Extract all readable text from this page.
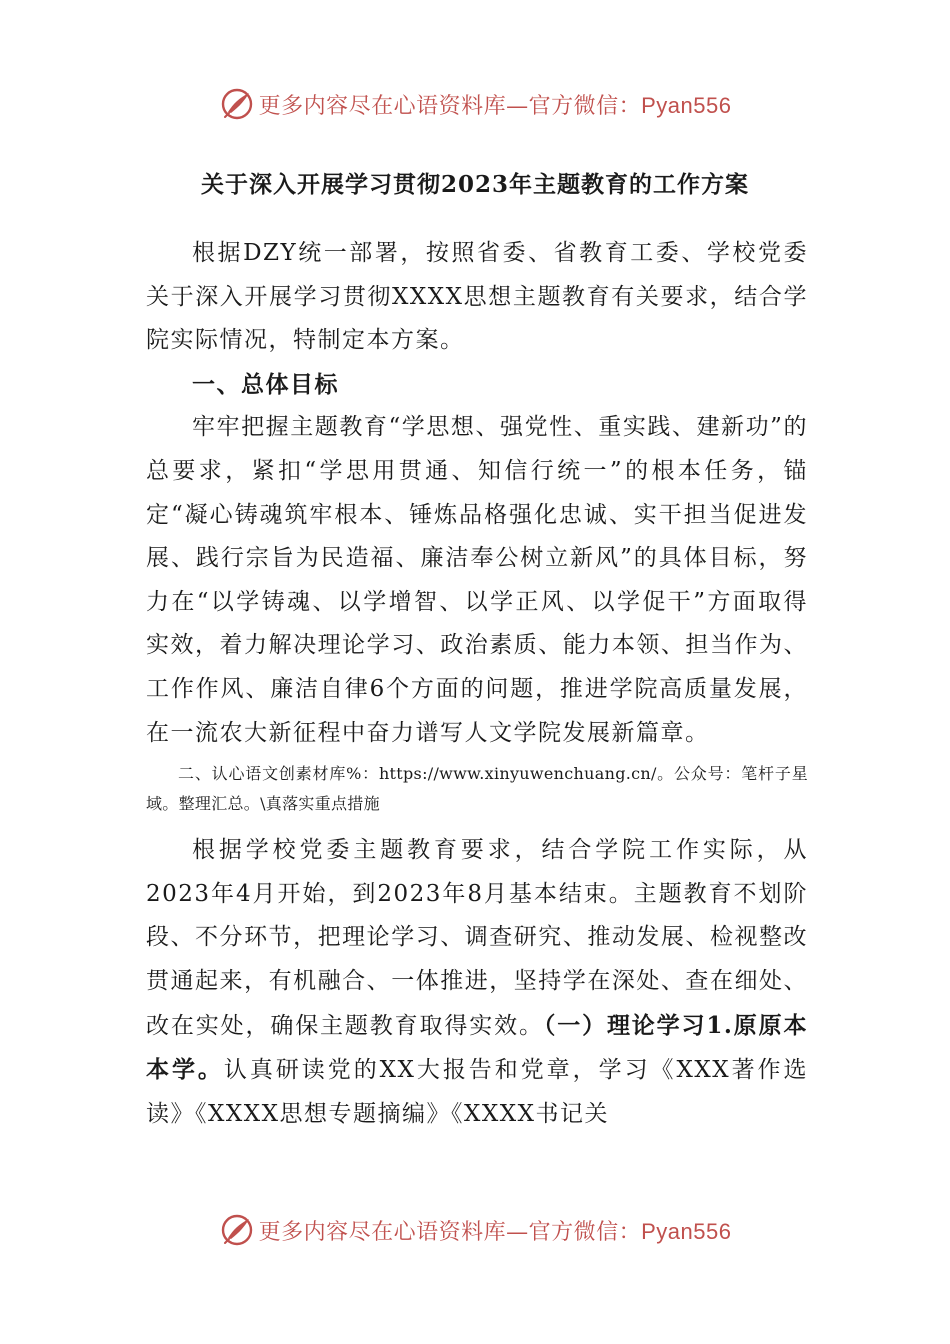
更多内容尽在心语资料库—官方微信：Pyan556
关于深入开展学习贯彻2023年主题教育的工作方案

根据DZY统一部署，按照省委、省教育工委、学校党委关于深入开展学习贯彻XXXX思想主题教育有关要求，结合学院实际情况，特制定本方案。

一、总体目标

牢牢把握主题教育“学思想、强党性、重实践、建新功”的总要求，紧扣“学思用贯通、知信行统一”的根本任务，锚定“凝心铸魂筑牢根本、锤炼品格强化忠诚、实干担当促进发展、践行宗旨为民造福、廉洁奉公树立新风”的具体目标，努力在“以学铸魂、以学增智、以学正风、以学促干”方面取得实效，着力解决理论学习、政治素质、能力本领、担当作为、工作作风、廉洁自律6个方面的问题，推进学院高质量发展，在一流农大新征程中奋力谱写人文学院发展新篇章。

二、认心语文创素材库%：https://www.xinyuwenchuang.cn/。公众号：笔杆子星域。整理汇总。\真落实重点措施

根据学校党委主题教育要求，结合学院工作实际，从2023年4月开始，到2023年8月基本结束。主题教育不划阶段、不分环节，把理论学习、调查研究、推动发展、检视整改贯通起来，有机融合、一体推进，坚持学在深处、查在细处、改在实处，确保主题教育取得实效。（一）理论学习1.原原本本学。认真研读党的XX大报告和党章，学习《XXX著作选读》《XXXX思想专题摘编》《XXXX书记关

更多内容尽在心语资料库—官方微信：Pyan556
